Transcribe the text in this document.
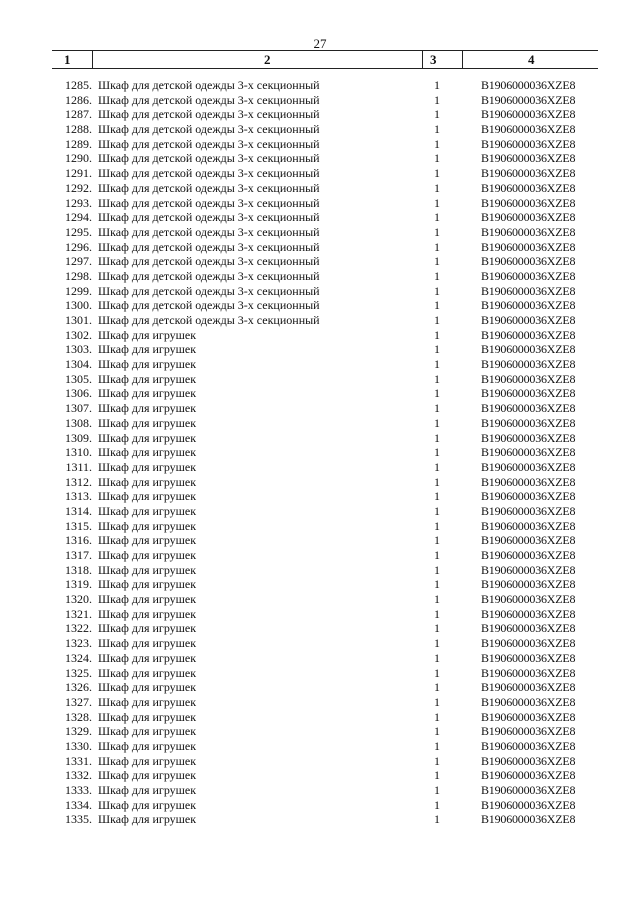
27
1	2	3	4
1285. Шкаф для детской одежды 3-х секционный	1	В1906000036XZE8
1286. Шкаф для детской одежды 3-х секционный	1	В1906000036XZE8
1287. Шкаф для детской одежды 3-х секционный	1	В1906000036XZE8
1288. Шкаф для детской одежды 3-х секционный	1	В1906000036XZE8
1289. Шкаф для детской одежды 3-х секционный	1	В1906000036XZE8
1290. Шкаф для детской одежды 3-х секционный	1	В1906000036XZE8
1291. Шкаф для детской одежды 3-х секционный	1	В1906000036XZE8
1292. Шкаф для детской одежды 3-х секционный	1	В1906000036XZE8
1293. Шкаф для детской одежды 3-х секционный	1	В1906000036XZE8
1294. Шкаф для детской одежды 3-х секционный	1	В1906000036XZE8
1295. Шкаф для детской одежды 3-х секционный	1	В1906000036XZE8
1296. Шкаф для детской одежды 3-х секционный	1	В1906000036XZE8
1297. Шкаф для детской одежды 3-х секционный	1	В1906000036XZE8
1298. Шкаф для детской одежды 3-х секционный	1	В1906000036XZE8
1299. Шкаф для детской одежды 3-х секционный	1	В1906000036XZE8
1300. Шкаф для детской одежды 3-х секционный	1	В1906000036XZE8
1301. Шкаф для детской одежды 3-х секционный	1	В1906000036XZE8
1302. Шкаф для игрушек	1	В1906000036XZE8
1303. Шкаф для игрушек	1	В1906000036XZE8
1304. Шкаф для игрушек	1	В1906000036XZE8
1305. Шкаф для игрушек	1	В1906000036XZE8
1306. Шкаф для игрушек	1	В1906000036XZE8
1307. Шкаф для игрушек	1	В1906000036XZE8
1308. Шкаф для игрушек	1	В1906000036XZE8
1309. Шкаф для игрушек	1	В1906000036XZE8
1310. Шкаф для игрушек	1	В1906000036XZE8
1311. Шкаф для игрушек	1	В1906000036XZE8
1312. Шкаф для игрушек	1	В1906000036XZE8
1313. Шкаф для игрушек	1	В1906000036XZE8
1314. Шкаф для игрушек	1	В1906000036XZE8
1315. Шкаф для игрушек	1	В1906000036XZE8
1316. Шкаф для игрушек	1	В1906000036XZE8
1317. Шкаф для игрушек	1	В1906000036XZE8
1318. Шкаф для игрушек	1	В1906000036XZE8
1319. Шкаф для игрушек	1	В1906000036XZE8
1320. Шкаф для игрушек	1	В1906000036XZE8
1321. Шкаф для игрушек	1	В1906000036XZE8
1322. Шкаф для игрушек	1	В1906000036XZE8
1323. Шкаф для игрушек	1	В1906000036XZE8
1324. Шкаф для игрушек	1	В1906000036XZE8
1325. Шкаф для игрушек	1	В1906000036XZE8
1326. Шкаф для игрушек	1	В1906000036XZE8
1327. Шкаф для игрушек	1	В1906000036XZE8
1328. Шкаф для игрушек	1	В1906000036XZE8
1329. Шкаф для игрушек	1	В1906000036XZE8
1330. Шкаф для игрушек	1	В1906000036XZE8
1331. Шкаф для игрушек	1	В1906000036XZE8
1332. Шкаф для игрушек	1	В1906000036XZE8
1333. Шкаф для игрушек	1	В1906000036XZE8
1334. Шкаф для игрушек	1	В1906000036XZE8
1335. Шкаф для игрушек	1	В1906000036XZE8
